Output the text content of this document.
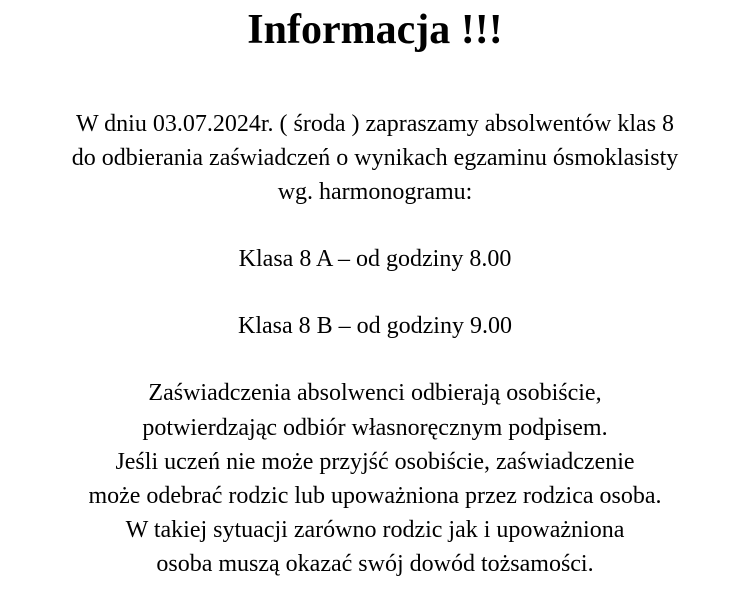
Informacja !!!
W dniu 03.07.2024r. ( środa ) zapraszamy absolwentów klas 8
do odbierania zaświadczeń o wynikach egzaminu ósmoklasisty
wg. harmonogramu:
Klasa 8 A – od godziny 8.00
Klasa 8 B – od godziny 9.00
Zaświadczenia absolwenci odbierają osobiście,
potwierdzając odbiór własnoręcznym podpisem.
Jeśli uczeń nie może przyjść osobiście, zaświadczenie
może odebrać rodzic lub upoważniona przez rodzica osoba.
W takiej sytuacji zarówno rodzic jak i upoważniona
osoba muszą okazać swój dowód tożsamości.
